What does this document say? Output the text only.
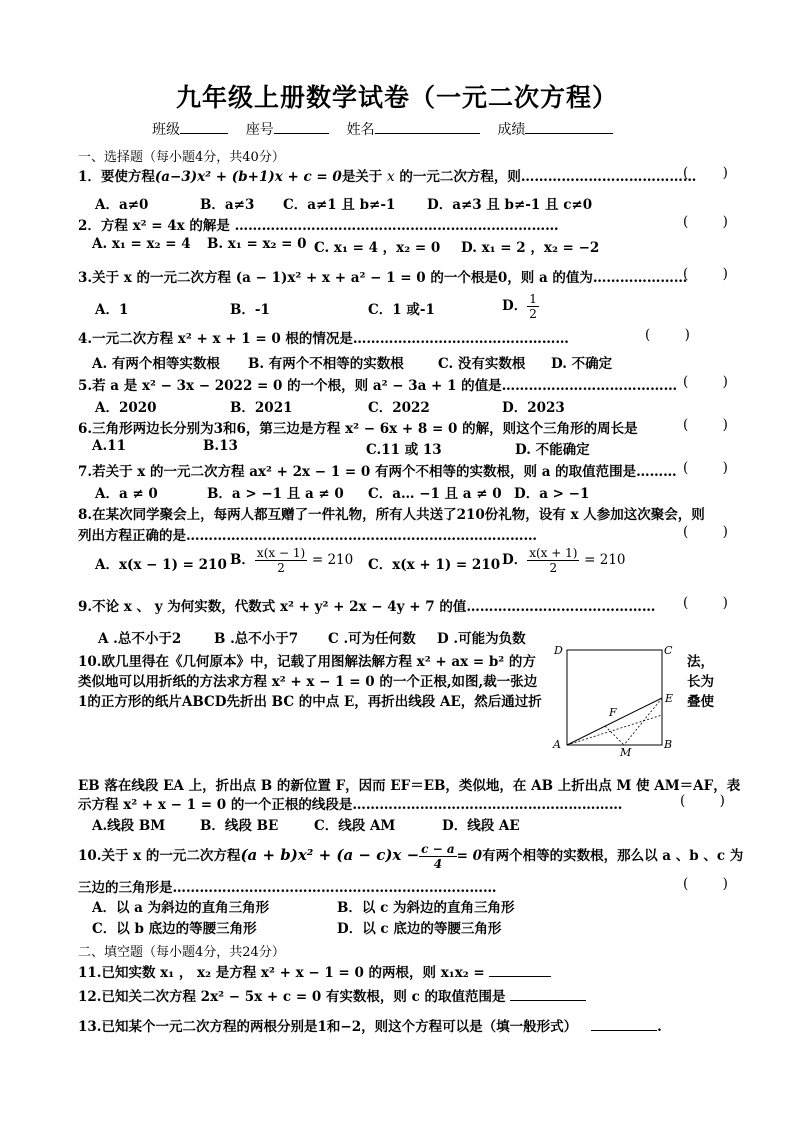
九年级上册数学试卷（一元二次方程）
班级	座号	姓名	成绩
一、选择题（每小题4分，共40分）
1．要使方程(a−3)x² + (b+1)x + c = 0是关于 x 的一元二次方程，则…………………………………
(        )
A．a≠0	B．a≠3 C．a≠1 且 b≠-1 D．a≠3 且 b≠-1 且 c≠0
2．方程 x² = 4x 的解是 ………………………………………………………………	(        )
A. x₁ = x₂ = 4 B. x₁ = x₂ = 0 C. x₁ = 4 ，x₂ = 0 D. x₁ = 2 ，x₂ = −2
3.关于 x 的一元二次方程 (a − 1)x² + x + a² − 1 = 0 的一个根是0，则 a 的值为…………………
(        )
A．1	B．-1	C．1 或-1	D． $\frac{1}{2}$
4.一元二次方程 x² + x + 1 = 0 根的情况是…………………………………………	(        )
A. 有两个相等实数根 B. 有两个不相等的实数根	C. 没有实数根 D. 不确定
5.若 a 是 x² − 3x − 2022 = 0 的一个根，则 a² − 3a + 1 的值是………………………………… (        )
A．2020	B．2021	C．2022	D．2023
6.三角形两边长分别为3和6，第三边是方程 x² − 6x + 8 = 0 的解，则这个三角形的周长是	(        )
A.11	B.13	C.11 或 13	D. 不能确定
7.若关于 x 的一元二次方程 ax² + 2x − 1 = 0 有两个不相等的实数根，则 a 的取值范围是……… (        )
A．a ≠ 0	B．a > −1 且 a ≠ 0 C．a… −1 且 a ≠ 0 D．a > −1
8.在某次同学聚会上，每两人都互赠了一件礼物，所有人共送了210份礼物，设有 x 人参加这次聚会，则
列出方程正确的是……………………………………………………………………	(        )
A．x(x − 1) = 210 B． $\frac{x(x - 1)}{2} = 210$ C．x(x + 1) = 210 D． $\frac{x(x + 1)}{2} = 210$
9.不论 x 、 y 为何实数，代数式 x² + y² + 2x − 4y + 7 的值……………………………………	(        )
A .总不小于2 B .总不小于7 C .可为任何数 D .可能为负数
10.欧几里得在《几何原本》中，记载了用图解法解方程 x² + ax = b² 的方	法，
类似地可以用折纸的方法求方程 x² + x − 1 = 0 的一个正根,如图,裁一张边	长为
1的正方形的纸片ABCD先折出 BC 的中点 E，再折出线段 AE，然后通过折	叠使
D	C
E
F
A	B
M
EB 落在线段 EA 上，折出点 B 的新位置 F，因而 EF＝EB，类似地，在 AB 上折出点 M 使 AM＝AF，表
示方程 x² + x − 1 = 0 的一个正根的线段是……………………………………………………	(        )
A.线段 BM	B．线段 BE	C．线段 AM	D．线段 AE
10.关于 x 的一元二次方程$(a + b)x^2 + (a - c)x - \frac{c - a}{4} = 0$有两个相等的实数根，那么以 a 、b 、c 为
三边的三角形是………………………………………………………………	(        )
A．以 a 为斜边的直角三角形	B．以 c 为斜边的直角三角形
C．以 b 底边的等腰三角形	D．以 c 底边的等腰三角形
二、填空题（每小题4分，共24分）
11.已知实数 x₁ ， x₂ 是方程 x² + x − 1 = 0 的两根，则 x₁x₂ =
12.已知关二次方程 2x² − 5x + c = 0 有实数根，则 c 的取值范围是
13.已知某个一元二次方程的两根分别是1和−2，则这个方程可以是（填一般形式）	.
